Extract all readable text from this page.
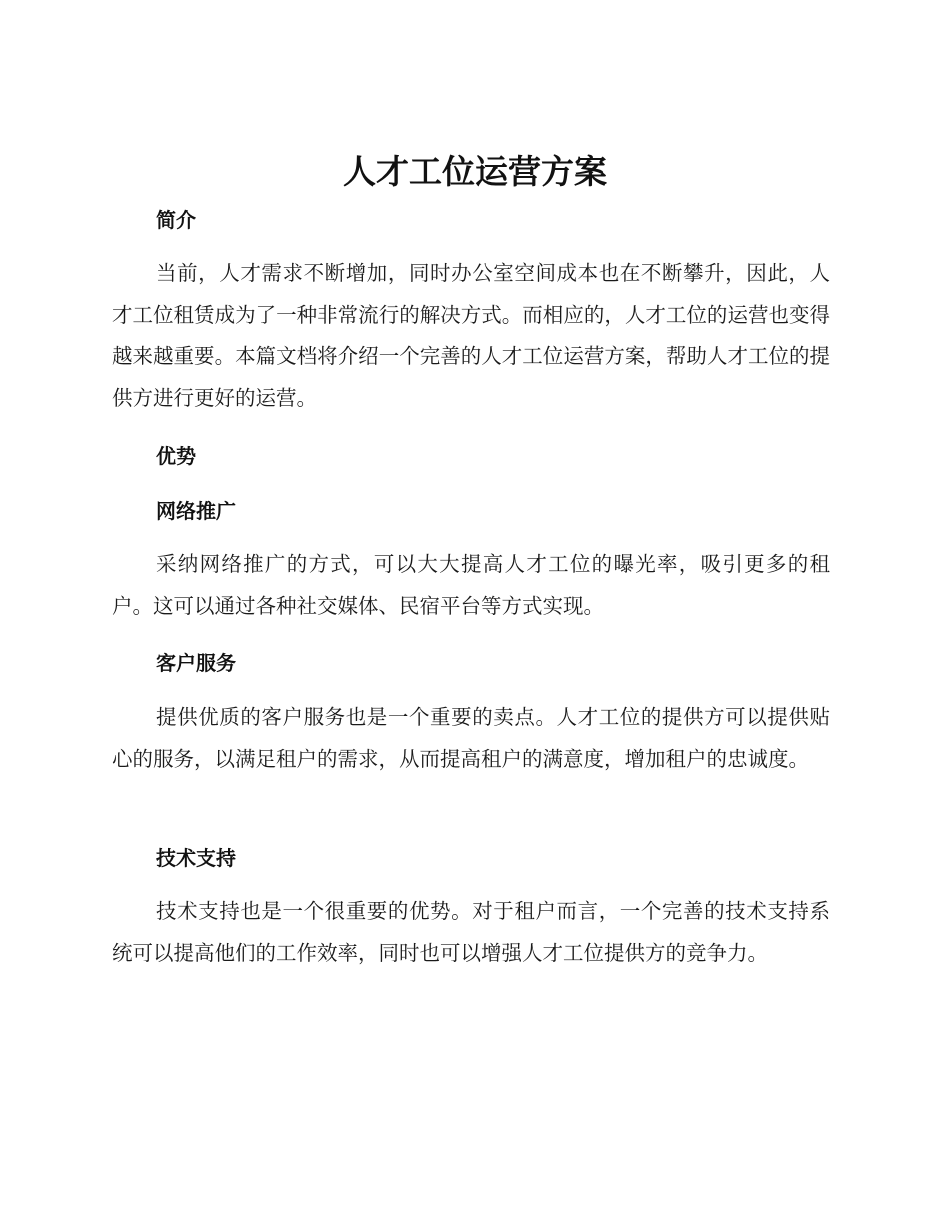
人才工位运营方案
简介

当前，人才需求不断增加，同时办公室空间成本也在不断攀升，因此，人才工位租赁成为了一种非常流行的解决方式。而相应的，人才工位的运营也变得越来越重要。本篇文档将介绍一个完善的人才工位运营方案，帮助人才工位的提供方进行更好的运营。

优势
网络推广

采纳网络推广的方式，可以大大提高人才工位的曝光率，吸引更多的租户。这可以通过各种社交媒体、民宿平台等方式实现。

客户服务

提供优质的客户服务也是一个重要的卖点。人才工位的提供方可以提供贴心的服务，以满足租户的需求，从而提高租户的满意度，增加租户的忠诚度。

技术支持

技术支持也是一个很重要的优势。对于租户而言，一个完善的技术支持系统可以提高他们的工作效率，同时也可以增强人才工位提供方的竞争力。
